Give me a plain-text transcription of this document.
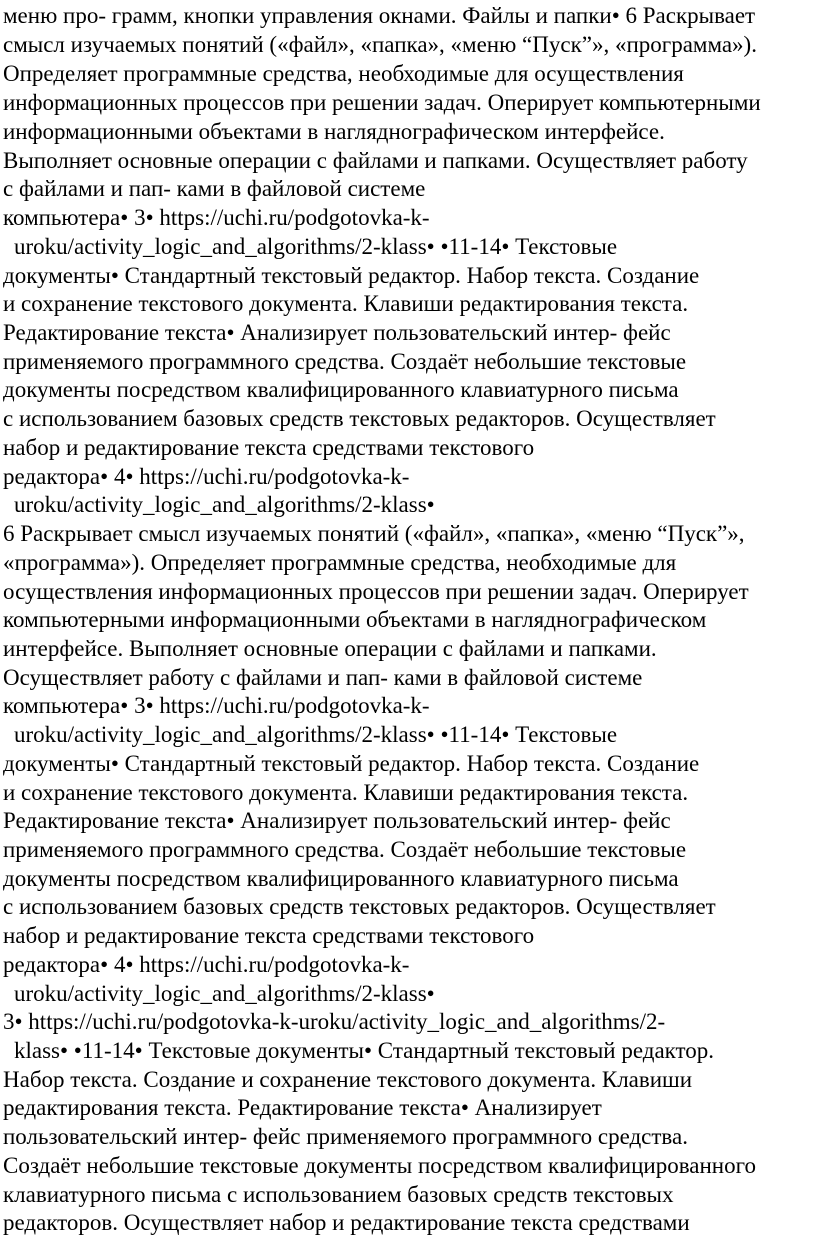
меню про- грамм, кнопки управления окнами. Файлы и папки• 6 Раскрывает
смысл изучаемых понятий («файл», «папка», «меню “Пуск”», «программа»).
Определяет программные средства, необходимые для осуществления
информационных процессов при решении задач. Оперирует компьютерными
информационными объектами в нагляднографическом интерфейсе.
Выполняет основные операции с файлами и папками. Осуществляет работу
с файлами и пап- ками в файловой системе
компьютера• 3• https://uchi.ru/podgotovka-k-
uroku/activity_logic_and_algorithms/2-klass• •11-14• Текстовые
документы• Стандартный текстовый редактор. Набор текста. Создание
и сохранение текстового документа. Клавиши редактирования текста.
Редактирование текста• Анализирует пользовательский интер- фейс
применяемого программного средства. Создаёт небольшие текстовые
документы посредством квалифицированного клавиатурного письма
с использованием базовых средств текстовых редакторов. Осуществляет
набор и редактирование текста средствами текстового
редактора• 4• https://uchi.ru/podgotovka-k-
uroku/activity_logic_and_algorithms/2-klass•
6 Раскрывает смысл изучаемых понятий («файл», «папка», «меню “Пуск”»,
«программа»). Определяет программные средства, необходимые для
осуществления информационных процессов при решении задач. Оперирует
компьютерными информационными объектами в нагляднографическом
интерфейсе. Выполняет основные операции с файлами и папками.
Осуществляет работу с файлами и пап- ками в файловой системе
компьютера• 3• https://uchi.ru/podgotovka-k-
uroku/activity_logic_and_algorithms/2-klass• •11-14• Текстовые
документы• Стандартный текстовый редактор. Набор текста. Создание
и сохранение текстового документа. Клавиши редактирования текста.
Редактирование текста• Анализирует пользовательский интер- фейс
применяемого программного средства. Создаёт небольшие текстовые
документы посредством квалифицированного клавиатурного письма
с использованием базовых средств текстовых редакторов. Осуществляет
набор и редактирование текста средствами текстового
редактора• 4• https://uchi.ru/podgotovka-k-
uroku/activity_logic_and_algorithms/2-klass•
3• https://uchi.ru/podgotovka-k-uroku/activity_logic_and_algorithms/2-
klass• •11-14• Текстовые документы• Стандартный текстовый редактор.
Набор текста. Создание и сохранение текстового документа. Клавиши
редактирования текста. Редактирование текста• Анализирует
пользовательский интер- фейс применяемого программного средства.
Создаёт небольшие текстовые документы посредством квалифицированного
клавиатурного письма с использованием базовых средств текстовых
редакторов. Осуществляет набор и редактирование текста средствами
